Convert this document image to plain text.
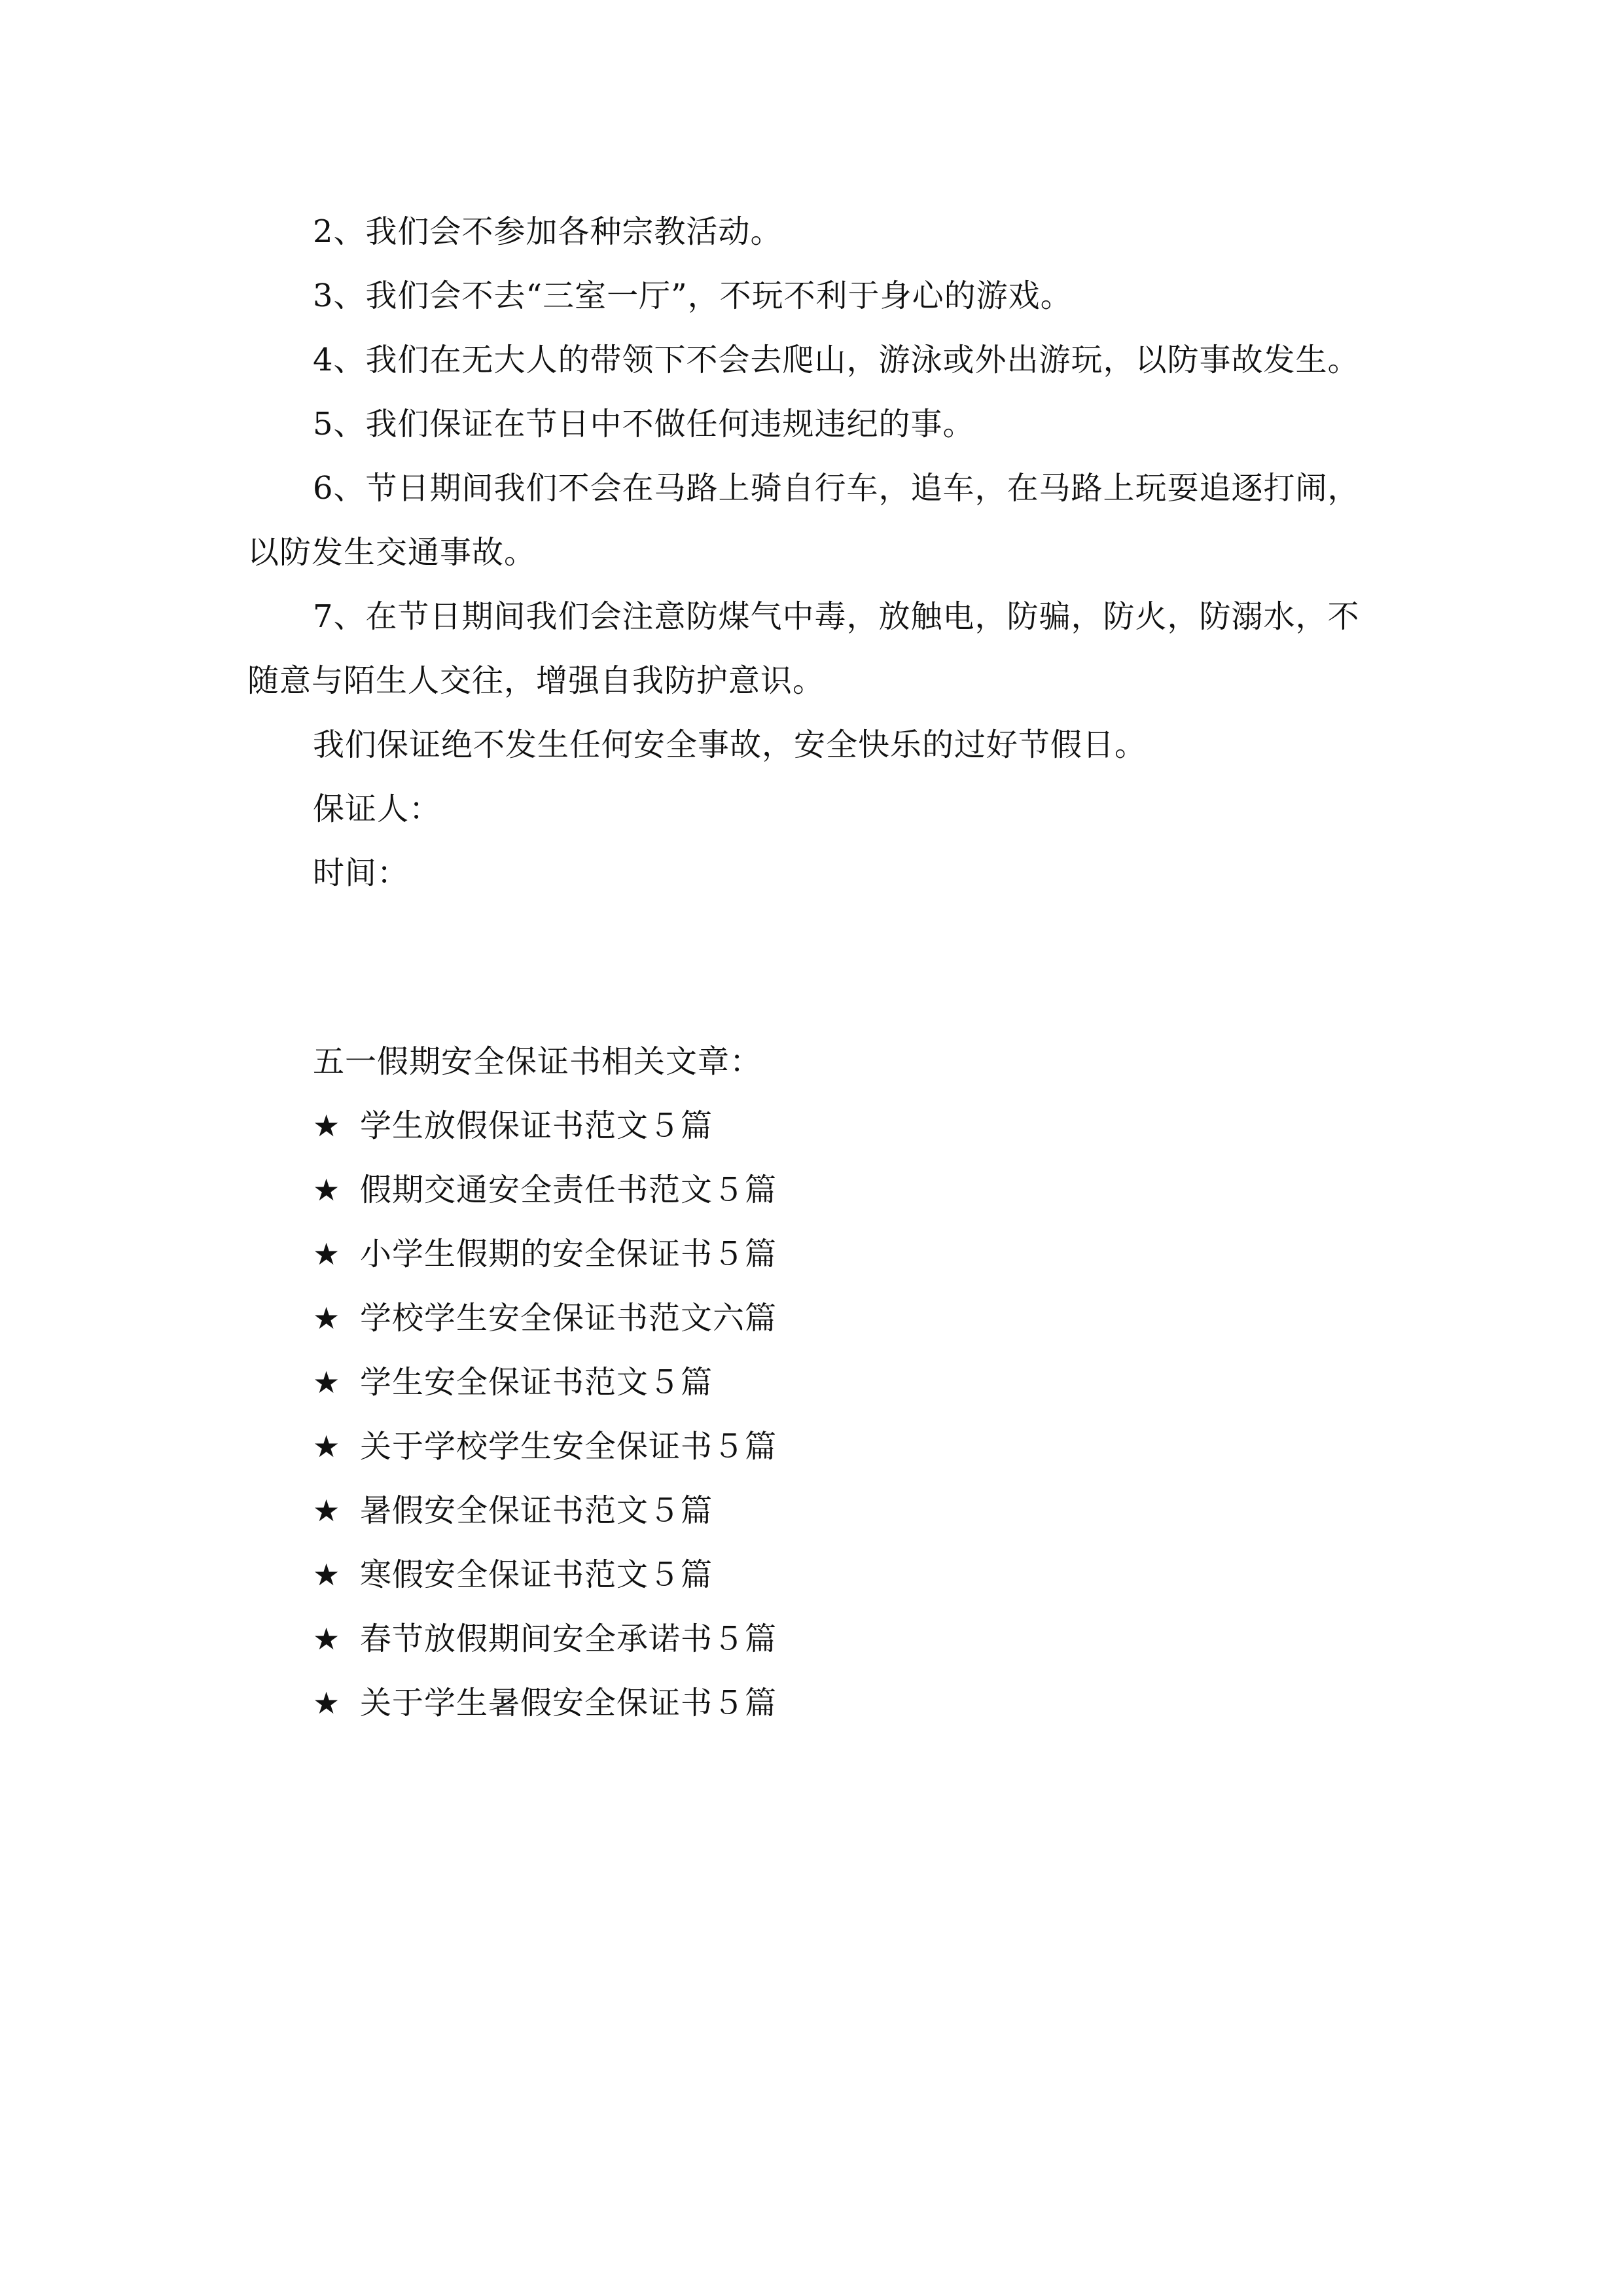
2、我们会不参加各种宗教活动。

3、我们会不去“三室一厅”，不玩不利于身心的游戏。

4、我们在无大人的带领下不会去爬山，游泳或外出游玩，以防事故发生。

5、我们保证在节日中不做任何违规违纪的事。

6、节日期间我们不会在马路上骑自行车，追车，在马路上玩耍追逐打闹，以防发生交通事故。

7、在节日期间我们会注意防煤气中毒，放触电，防骗，防火，防溺水，不随意与陌生人交往，增强自我防护意识。

我们保证绝不发生任何安全事故，安全快乐的过好节假日。

保证人：

时间：

五一假期安全保证书相关文章：

★ 学生放假保证书范文５篇
★ 假期交通安全责任书范文５篇
★ 小学生假期的安全保证书５篇
★ 学校学生安全保证书范文六篇
★ 学生安全保证书范文５篇
★ 关于学校学生安全保证书５篇
★ 暑假安全保证书范文５篇
★ 寒假安全保证书范文５篇
★ 春节放假期间安全承诺书５篇
★ 关于学生暑假安全保证书５篇
